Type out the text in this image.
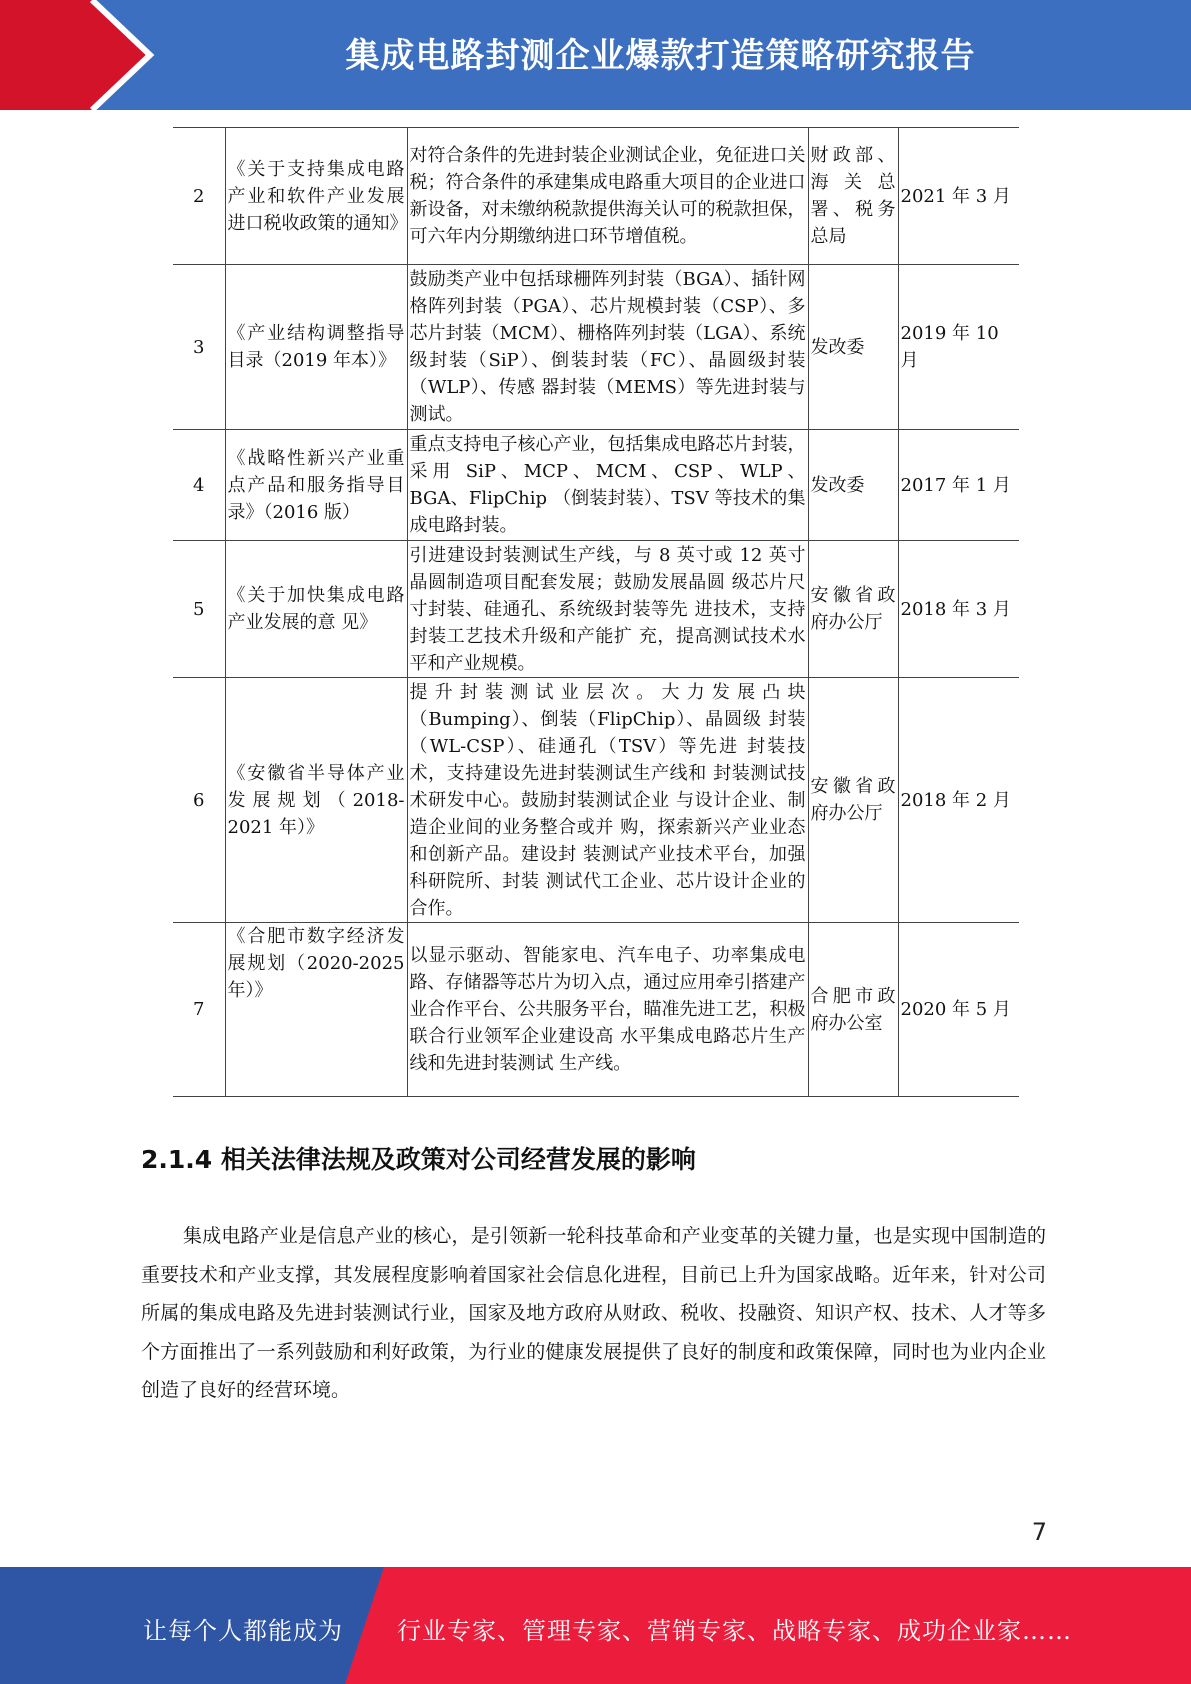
集成电路封测企业爆款打造策略研究报告
2	《关于支持集成电路产业和软件产业发展进口税收政策的通知》	对符合条件的先进封装企业测试企业，免征进口关税；符合条件的承建集成电路重大项目的企业进口新设备，对未缴纳税款提供海关认可的税款担保，可六年内分期缴纳进口环节增值税。	财政部、海关总署、税务总局	2021 年 3 月
3	《产业结构调整指导目录（2019 年本）》	鼓励类产业中包括球栅阵列封装（BGA）、插针网格阵列封装（PGA）、芯片规模封装（CSP）、多芯片封装（MCM）、栅格阵列封装（LGA）、系统级封装（SiP）、倒装封装（FC）、晶圆级封装（WLP）、传感 器封装（MEMS）等先进封装与测试。	发改委	2019 年 10 月
4	《战略性新兴产业重点产品和服务指导目录》（2016 版）	重点支持电子核心产业，包括集成电路芯片封装，采用 SiP、MCP、MCM、CSP、WLP、BGA、FlipChip （倒装封装）、TSV 等技术的集成电路封装。	发改委	2017 年 1 月
5	《关于加快集成电路产业发展的意 见》	引进建设封装测试生产线，与 8 英寸或 12 英寸晶圆制造项目配套发展；鼓励发展晶圆 级芯片尺寸封装、硅通孔、系统级封装等先 进技术，支持封装工艺技术升级和产能扩 充，提高测试技术水平和产业规模。	安徽省政府办公厅	2018 年 3 月
6	《安徽省半导体产业发展规划（2018-2021 年）》	提升封装测试业层次。大力发展凸块（Bumping）、倒装（FlipChip）、晶圆级 封装（WL-CSP）、硅通孔（TSV）等先进 封装技术，支持建设先进封装测试生产线和 封装测试技术研发中心。鼓励封装测试企业 与设计企业、制造企业间的业务整合或并 购，探索新兴产业业态和创新产品。建设封 装测试产业技术平台，加强科研院所、封装 测试代工企业、芯片设计企业的合作。	安徽省政府办公厅	2018 年 2 月
7	《合肥市数字经济发展规划（2020-2025 年）》	以显示驱动、智能家电、汽车电子、功率集成电路、存储器等芯片为切入点，通过应用牵引搭建产业合作平台、公共服务平台，瞄准先进工艺，积极联合行业领军企业建设高 水平集成电路芯片生产线和先进封装测试 生产线。	合肥市政府办公室	2020 年 5 月
2.1.4 相关法律法规及政策对公司经营发展的影响

集成电路产业是信息产业的核心，是引领新一轮科技革命和产业变革的关键力量，也是实现中国制造的重要技术和产业支撑，其发展程度影响着国家社会信息化进程，目前已上升为国家战略。近年来，针对公司所属的集成电路及先进封装测试行业，国家及地方政府从财政、税收、投融资、知识产权、技术、人才等多个方面推出了一系列鼓励和利好政策，为行业的健康发展提供了良好的制度和政策保障，同时也为业内企业创造了良好的经营环境。

7
让每个人都能成为 行业专家、管理专家、营销专家、战略专家、成功企业家……
